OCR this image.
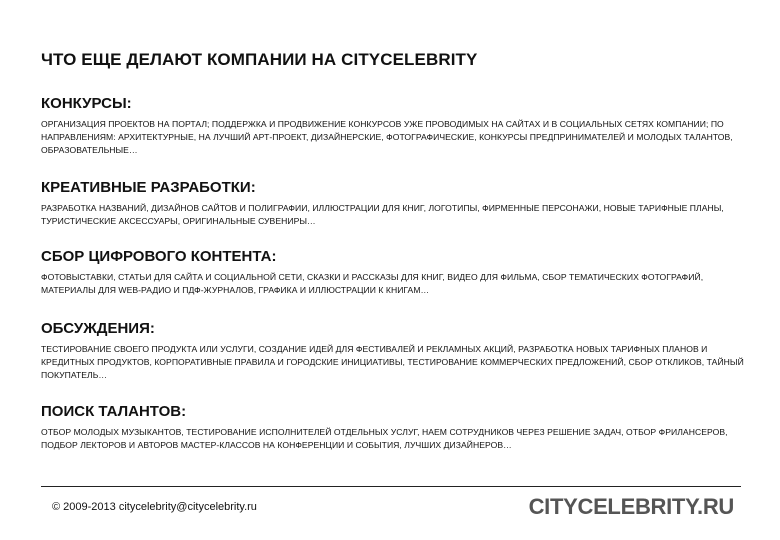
ЧТО ЕЩЕ ДЕЛАЮТ КОМПАНИИ НА CITYCELEBRITY
КОНКУРСЫ:

ОРГАНИЗАЦИЯ ПРОЕКТОВ НА ПОРТАЛ; ПОДДЕРЖКА И ПРОДВИЖЕНИЕ КОНКУРСОВ УЖЕ ПРОВОДИМЫХ НА САЙТАХ И В СОЦИАЛЬНЫХ СЕТЯХ КОМПАНИИ; ПО НАПРАВЛЕНИЯМ: АРХИТЕКТУРНЫЕ, НА ЛУЧШИЙ АРТ-ПРОЕКТ, ДИЗАЙНЕРСКИЕ, ФОТОГРАФИЧЕСКИЕ, КОНКУРСЫ ПРЕДПРИНИМАТЕЛЕЙ И МОЛОДЫХ ТАЛАНТОВ, ОБРАЗОВАТЕЛЬНЫЕ…

КРЕАТИВНЫЕ РАЗРАБОТКИ:

РАЗРАБОТКА НАЗВАНИЙ, ДИЗАЙНОВ САЙТОВ И ПОЛИГРАФИИ, ИЛЛЮСТРАЦИИ ДЛЯ КНИГ, ЛОГОТИПЫ, ФИРМЕННЫЕ ПЕРСОНАЖИ, НОВЫЕ ТАРИФНЫЕ ПЛАНЫ, ТУРИСТИЧЕСКИЕ АКСЕССУАРЫ, ОРИГИНАЛЬНЫЕ СУВЕНИРЫ…

СБОР ЦИФРОВОГО КОНТЕНТА:

ФОТОВЫСТАВКИ, СТАТЬИ ДЛЯ САЙТА И СОЦИАЛЬНОЙ СЕТИ, СКАЗКИ И РАССКАЗЫ ДЛЯ КНИГ, ВИДЕО ДЛЯ ФИЛЬМА, СБОР ТЕМАТИЧЕСКИХ ФОТОГРАФИЙ, МАТЕРИАЛЫ ДЛЯ WEB-РАДИО И ПДФ-ЖУРНАЛОВ, ГРАФИКА И ИЛЛЮСТРАЦИИ К КНИГАМ…

ОБСУЖДЕНИЯ:

ТЕСТИРОВАНИЕ СВОЕГО ПРОДУКТА ИЛИ УСЛУГИ, СОЗДАНИЕ ИДЕЙ ДЛЯ ФЕСТИВАЛЕЙ И РЕКЛАМНЫХ АКЦИЙ, РАЗРАБОТКА НОВЫХ ТАРИФНЫХ ПЛАНОВ И КРЕДИТНЫХ ПРОДУКТОВ, КОРПОРАТИВНЫЕ ПРАВИЛА И ГОРОДСКИЕ ИНИЦИАТИВЫ, ТЕСТИРОВАНИЕ КОММЕРЧЕСКИХ ПРЕДЛОЖЕНИЙ, СБОР ОТКЛИКОВ, ТАЙНЫЙ ПОКУПАТЕЛЬ…

ПОИСК ТАЛАНТОВ:

ОТБОР МОЛОДЫХ МУЗЫКАНТОВ, ТЕСТИРОВАНИЕ ИСПОЛНИТЕЛЕЙ ОТДЕЛЬНЫХ УСЛУГ, НАЕМ СОТРУДНИКОВ ЧЕРЕЗ РЕШЕНИЕ ЗАДАЧ, ОТБОР ФРИЛАНСЕРОВ, ПОДБОР ЛЕКТОРОВ И АВТОРОВ МАСТЕР-КЛАССОВ НА КОНФЕРЕНЦИИ И СОБЫТИЯ, ЛУЧШИХ ДИЗАЙНЕРОВ…

© 2009-2013 citycelebrity@citycelebrity.ru	CITYCELEBRITY.RU
